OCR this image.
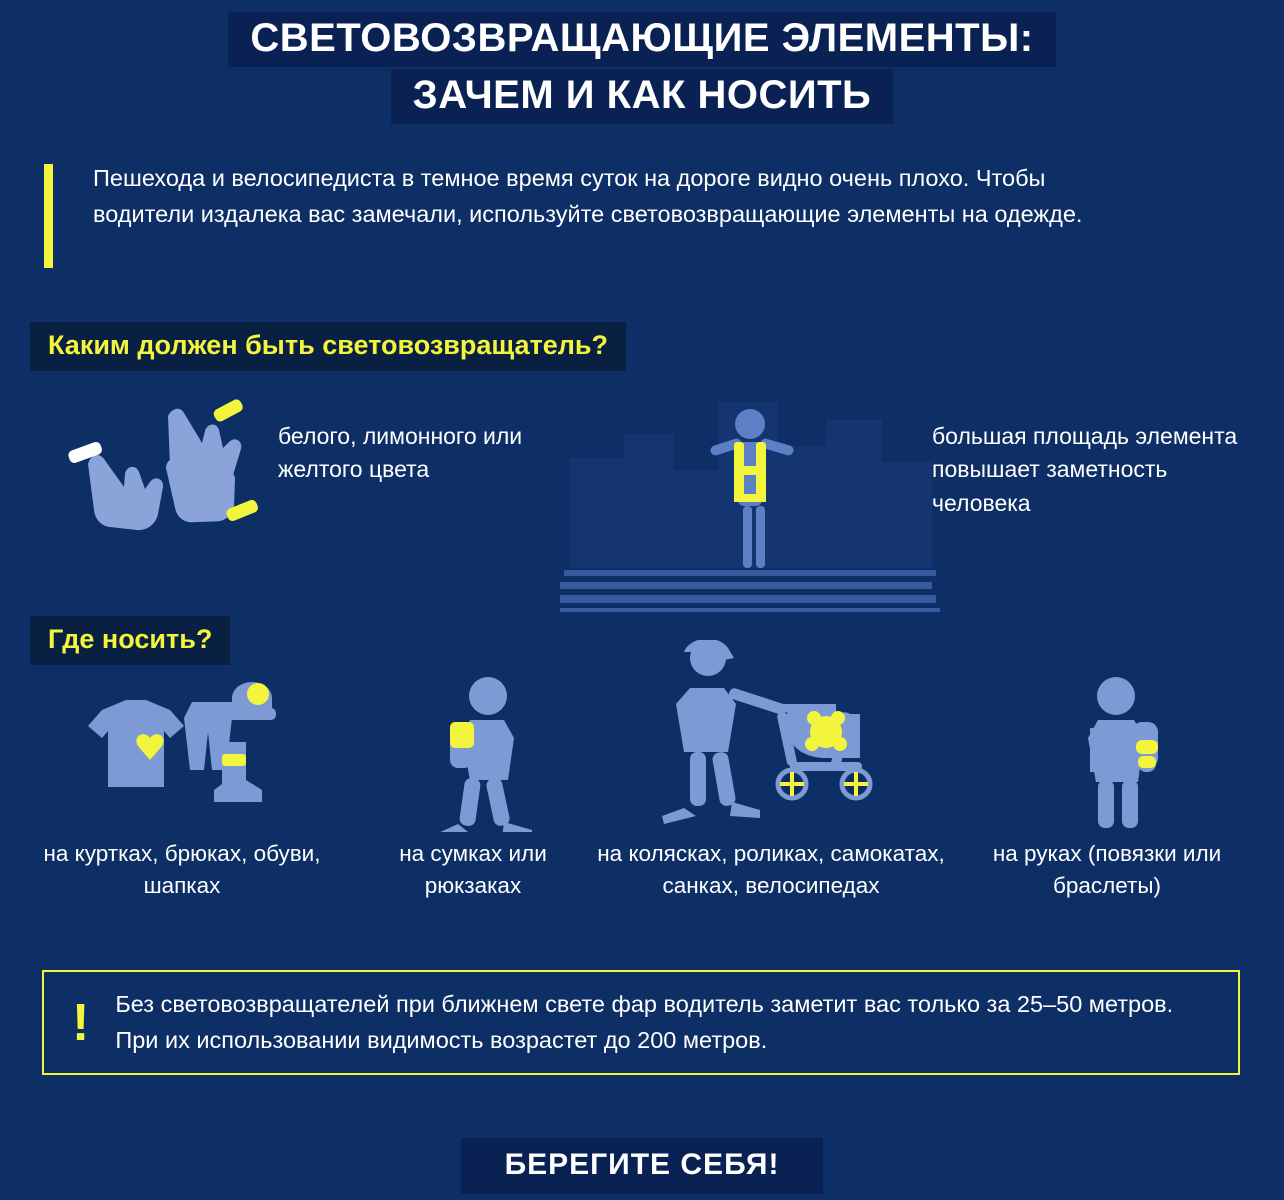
СВЕТОВОЗВРАЩАЮЩИЕ ЭЛЕМЕНТЫ:
ЗАЧЕМ И КАК НОСИТЬ
Пешехода и велосипедиста в темное время суток на дороге видно очень плохо. Чтобы водители издалека вас замечали, используйте световозвращающие элементы на одежде.
Каким должен быть световозвращатель?
белого, лимонного или желтого цвета
большая площадь элемента повышает заметность человека
Где носить?
на куртках, брюках, обуви, шапках
на сумках или рюкзаках
на колясках, роликах, самокатах, санках, велосипедах
на руках (повязки или браслеты)
! Без световозвращателей при ближнем свете фар водитель заметит вас только за 25–50 метров. При их использовании видимость возрастет до 200 метров.
БЕРЕГИТЕ СЕБЯ!
